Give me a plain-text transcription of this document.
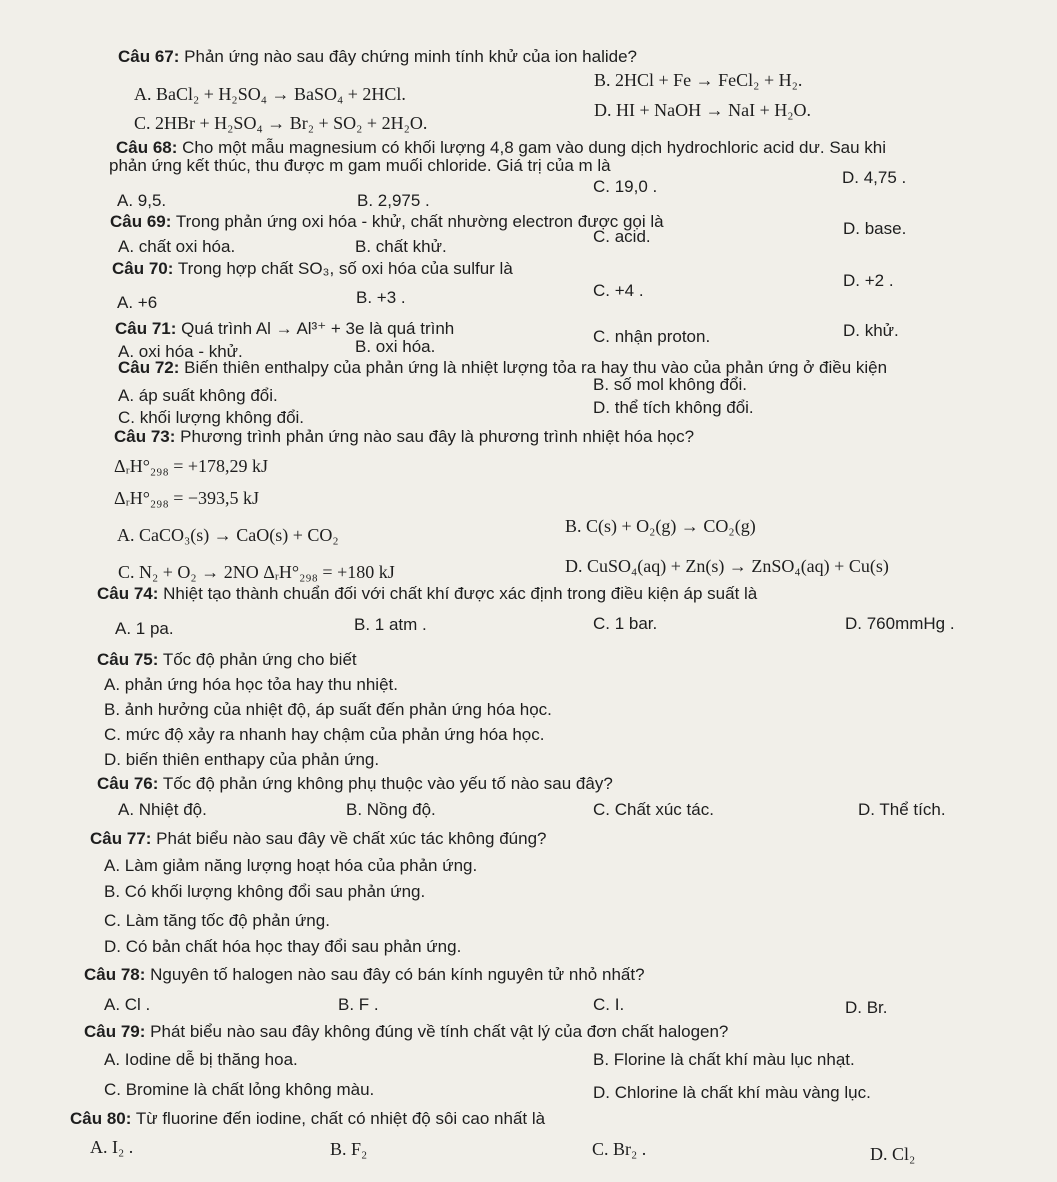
Câu 67: Phản ứng nào sau đây chứng minh tính khử của ion halide?
A. BaCl₂ + H₂SO₄ → BaSO₄ + 2HCl.
B. 2HCl + Fe → FeCl₂ + H₂.
C. 2HBr + H₂SO₄ → Br₂ + SO₂ + 2H₂O.
D. HI + NaOH → NaI + H₂O.
Câu 68: Cho một mẫu magnesium có khối lượng 4,8 gam vào dung dịch hydrochloric acid dư. Sau khi
phản ứng kết thúc, thu được m gam muối chloride. Giá trị của m là
A. 9,5.	B. 2,975 .
C. 19,0 .	D. 4,75 .
Câu 69: Trong phản ứng oxi hóa - khử, chất nhường electron được gọi là
A. chất oxi hóa.	B. chất khử.
C. acid.	D. base.
Câu 70: Trong hợp chất SO₃, số oxi hóa của sulfur là
A. +6	B. +3 .	C. +4 .
D. +2 .
Câu 71: Quá trình Al → Al³⁺ + 3e là quá trình
A. oxi hóa - khử.	B. oxi hóa.
C. nhận proton.	D. khử.
Câu 72: Biến thiên enthalpy của phản ứng là nhiệt lượng tỏa ra hay thu vào của phản ứng ở điều kiện
A. áp suất không đổi.
B. số mol không đổi.
C. khối lượng không đổi.
D. thể tích không đổi.
Câu 73: Phương trình phản ứng nào sau đây là phương trình nhiệt hóa học?
ΔᵣH°₂₉₈ = +178,29 kJ
ΔᵣH°₂₉₈ = −393,5 kJ
A. CaCO₃(s) → CaO(s) + CO₂	B. C(s) + O₂(g) → CO₂(g)
C. N₂ + O₂ → 2NO ΔᵣH°₂₉₈ = +180 kJ	D. CuSO₄(aq) + Zn(s) → ZnSO₄(aq) + Cu(s)
Câu 74: Nhiệt tạo thành chuẩn đối với chất khí được xác định trong điều kiện áp suất là
A. 1 pa.	B. 1 atm .	C. 1 bar.	D. 760mmHg .
Câu 75: Tốc độ phản ứng cho biết
A. phản ứng hóa học tỏa hay thu nhiệt.
B. ảnh hưởng của nhiệt độ, áp suất đến phản ứng hóa học.
C. mức độ xảy ra nhanh hay chậm của phản ứng hóa học.
D. biến thiên enthapy của phản ứng.
Câu 76: Tốc độ phản ứng không phụ thuộc vào yếu tố nào sau đây?
A. Nhiệt độ.	B. Nồng độ.	C. Chất xúc tác.	D. Thể tích.
Câu 77: Phát biểu nào sau đây về chất xúc tác không đúng?
A. Làm giảm năng lượng hoạt hóa của phản ứng.
B. Có khối lượng không đổi sau phản ứng.
C. Làm tăng tốc độ phản ứng.
D. Có bản chất hóa học thay đổi sau phản ứng.
Câu 78: Nguyên tố halogen nào sau đây có bán kính nguyên tử nhỏ nhất?
A. Cl .	B. F .	C. I.	D. Br.
Câu 79: Phát biểu nào sau đây không đúng về tính chất vật lý của đơn chất halogen?
A. Iodine dễ bị thăng hoa.	B. Florine là chất khí màu lục nhạt.
C. Bromine là chất lỏng không màu.	D. Chlorine là chất khí màu vàng lục.
Câu 80: Từ fluorine đến iodine, chất có nhiệt độ sôi cao nhất là
A. I₂ .	B. F₂	C. Br₂ .	D. Cl₂
